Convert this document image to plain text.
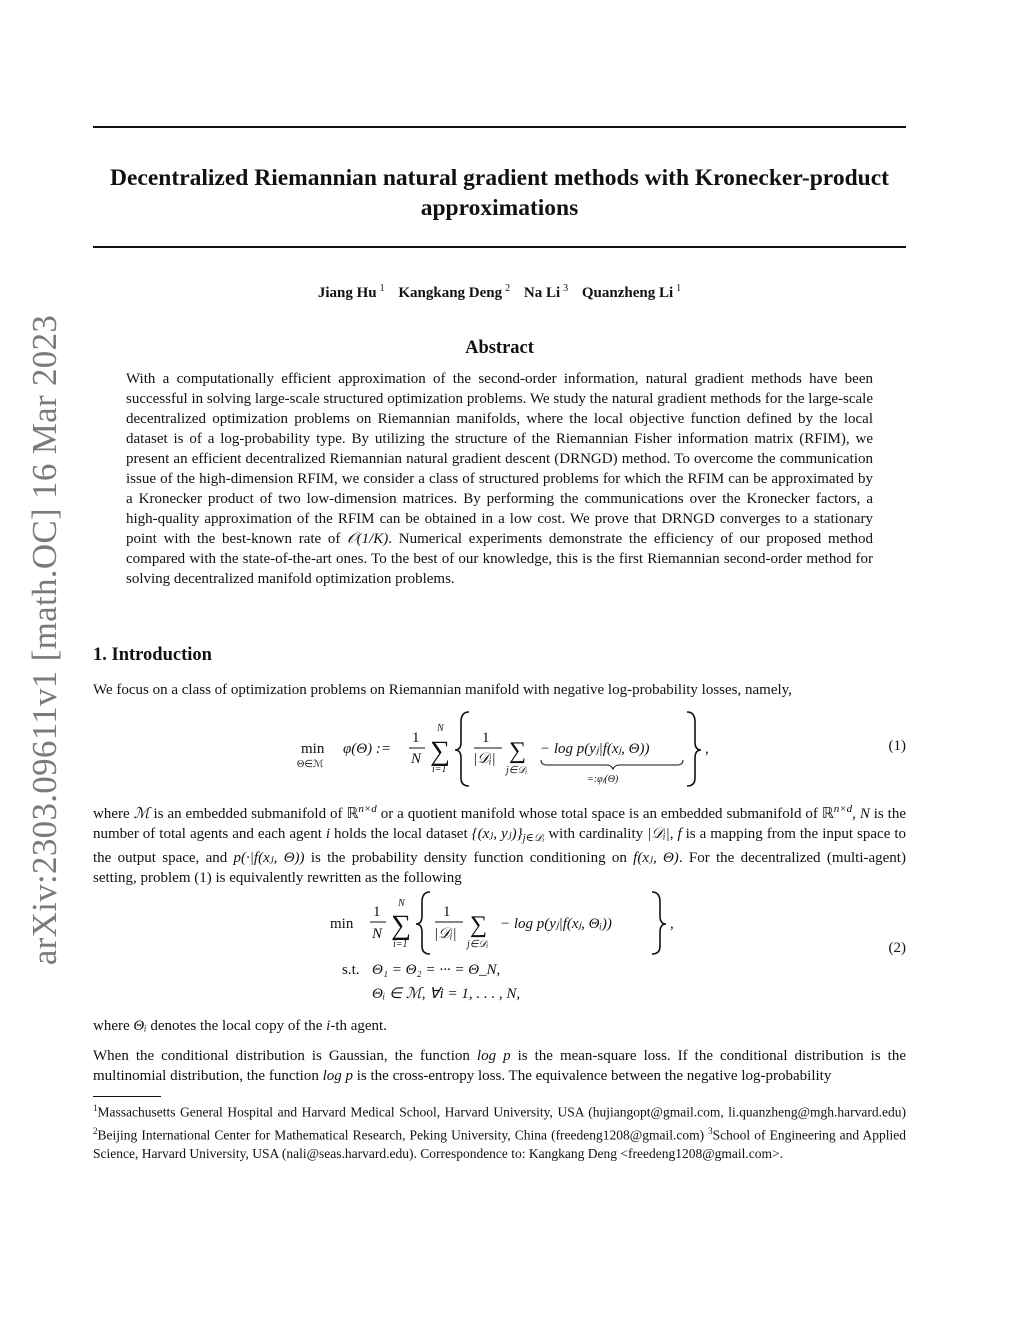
arXiv:2303.09611v1 [math.OC] 16 Mar 2023
Decentralized Riemannian natural gradient methods with Kronecker-product approximations
Jiang Hu $^1$ Kangkang Deng $^2$ Na Li $^3$ Quanzheng Li $^1$
Abstract
With a computationally efficient approximation of the second-order information, natural gradient methods have been successful in solving large-scale structured optimization problems. We study the natural gradient methods for the large-scale decentralized optimization problems on Riemannian manifolds, where the local objective function defined by the local dataset is of a log-probability type. By utilizing the structure of the Riemannian Fisher information matrix (RFIM), we present an efficient decentralized Riemannian natural gradient descent (DRNGD) method. To overcome the communication issue of the high-dimension RFIM, we consider a class of structured problems for which the RFIM can be approximated by a Kronecker product of two low-dimension matrices. By performing the communications over the Kronecker factors, a high-quality approximation of the RFIM can be obtained in a low cost. We prove that DRNGD converges to a stationary point with the best-known rate of 𝒪(1/K). Numerical experiments demonstrate the efficiency of our proposed method compared with the state-of-the-art ones. To the best of our knowledge, this is the first Riemannian second-order method for solving decentralized manifold optimization problems.
1. Introduction
We focus on a class of optimization problems on Riemannian manifold with negative log-probability losses, namely,
min
Θ∈ℳ
φ(Θ) :=
1
N
N
∑
i=1
1
|𝒟ᵢ| ∑
j∈𝒟ᵢ
− log p(yⱼ|f(xⱼ, Θ))
=:φⱼ(Θ)
,	(1)
where ℳ is an embedded submanifold of ℝ$^{n\times d}$ or a quotient manifold whose total space is an embedded submanifold of ℝ$^{n\times d}$, N is the number of total agents and each agent i holds the local dataset {(xⱼ, $yⱼ)\}_{j\in 𝒟ᵢ}$ with cardinality |𝒟ᵢ|, f is a mapping from the input space to the output space, and p(·|f(xⱼ, Θ)) is the probability density function conditioning on f(xⱼ, Θ). For the decentralized (multi-agent) setting, problem (1) is equivalently rewritten as the following
min
1
N
N
∑
i=1
1
|𝒟ᵢ| ∑
j∈𝒟ᵢ
− log p(yⱼ|f(xⱼ, Θᵢ))	,
s.t. Θ₁ = Θ₂ = ··· = Θ_N,
Θᵢ ∈ ℳ, ∀i = 1, . . . , N,
(2)
where Θᵢ denotes the local copy of the i-th agent.
When the conditional distribution is Gaussian, the function log p is the mean-square loss. If the conditional distribution is the multinomial distribution, the function log p is the cross-entropy loss. The equivalence between the negative log-probability
$^1$Massachusetts General Hospital and Harvard Medical School, Harvard University, USA (hujiangopt@gmail.com, li.quanzheng@mgh.harvard.edu) $^2$Beijing International Center for Mathematical Research, Peking University, China (freedeng1208@gmail.com) $^3$School of Engineering and Applied Science, Harvard University, USA (nali@seas.harvard.edu). Correspondence to: Kangkang Deng <freedeng1208@gmail.com>.
